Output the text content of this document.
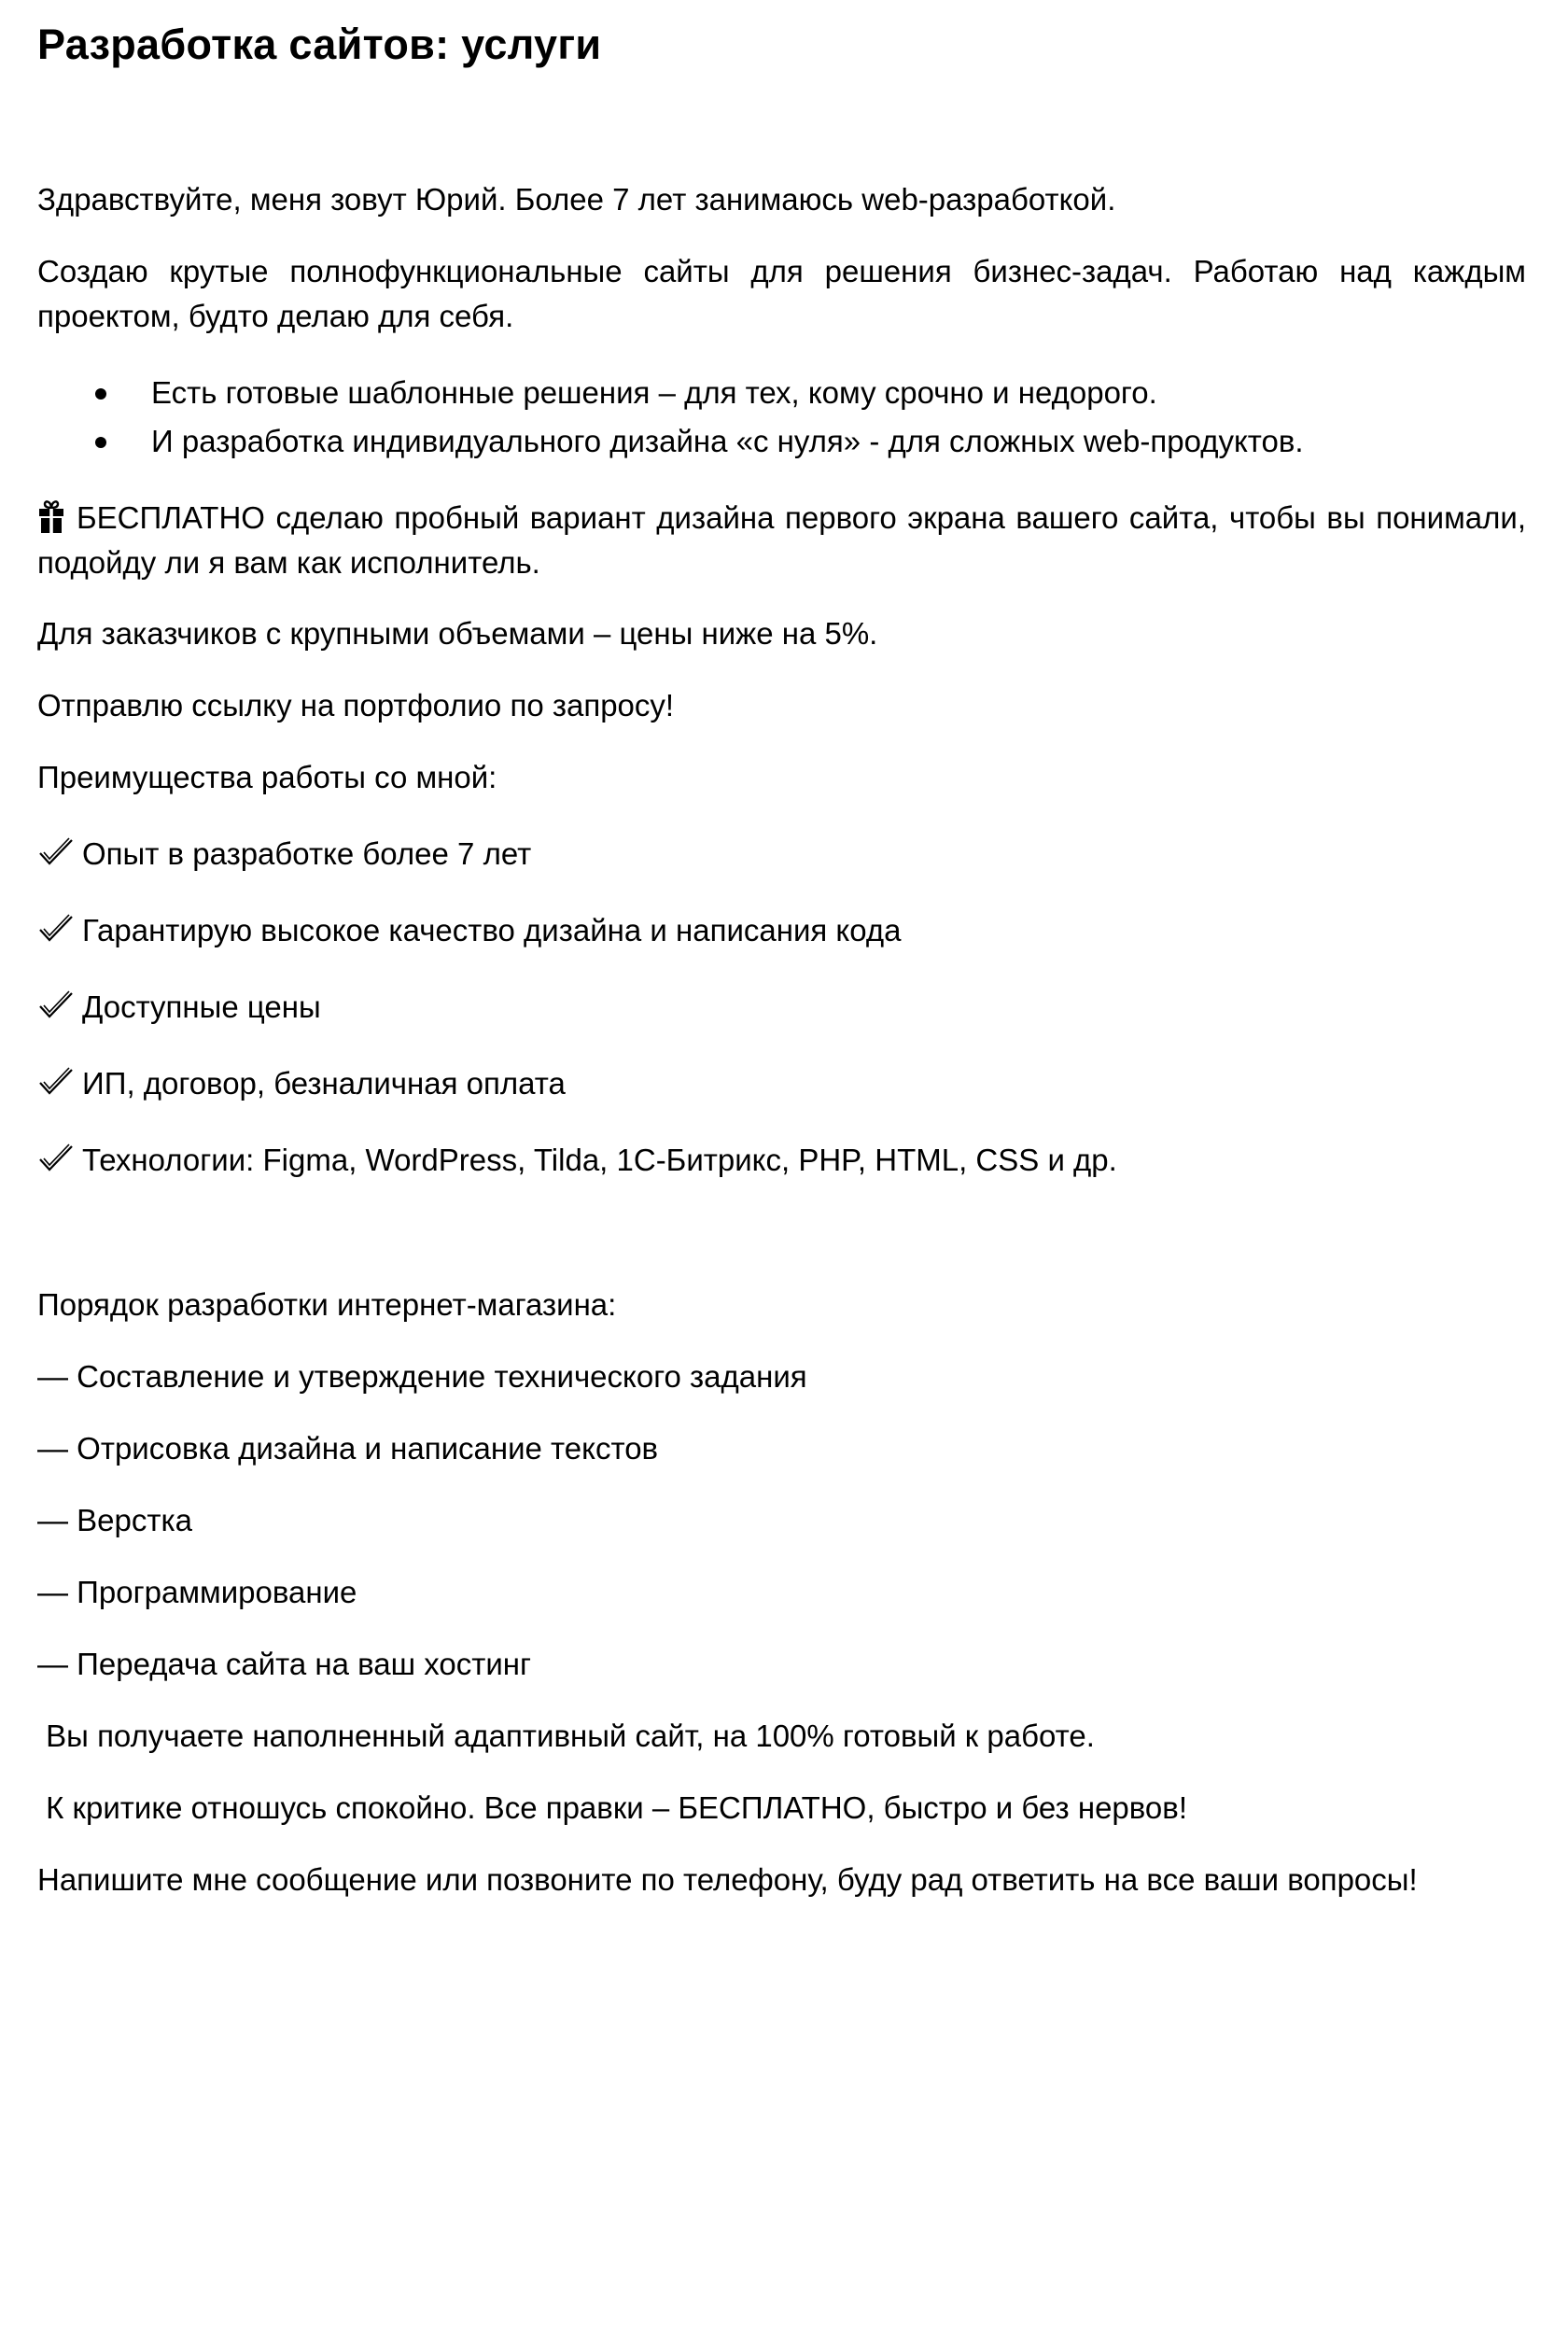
Разработка сайтов: услуги
Здравствуйте, меня зовут Юрий. Более 7 лет занимаюсь web-разработкой.
Создаю крутые полнофункциональные сайты для решения бизнес-задач. Работаю над каждым проектом, будто делаю для себя.
Есть готовые шаблонные решения – для тех, кому срочно и недорого.
И разработка индивидуального дизайна «с нуля» - для сложных web-продуктов.
БЕСПЛАТНО сделаю пробный вариант дизайна первого экрана вашего сайта, чтобы вы понимали, подойду ли я вам как исполнитель.
Для заказчиков с крупными объемами – цены ниже на 5%.
Отправлю ссылку на портфолио по запросу!
Преимущества работы со мной:
Опыт в разработке более 7 лет
Гарантирую высокое качество дизайна и написания кода
Доступные цены
ИП, договор, безналичная оплата
Технологии: Figma, WordPress, Tilda, 1С-Битрикс, PHP, HTML, CSS и др.
Порядок разработки интернет-магазина:
— Составление и утверждение технического задания
— Отрисовка дизайна и написание текстов
— Верстка
— Программирование
— Передача сайта на ваш хостинг
Вы получаете наполненный адаптивный сайт, на 100% готовый к работе.
К критике отношусь спокойно. Все правки – БЕСПЛАТНО, быстро и без нервов!
Напишите мне сообщение или позвоните по телефону, буду рад ответить на все ваши вопросы!
